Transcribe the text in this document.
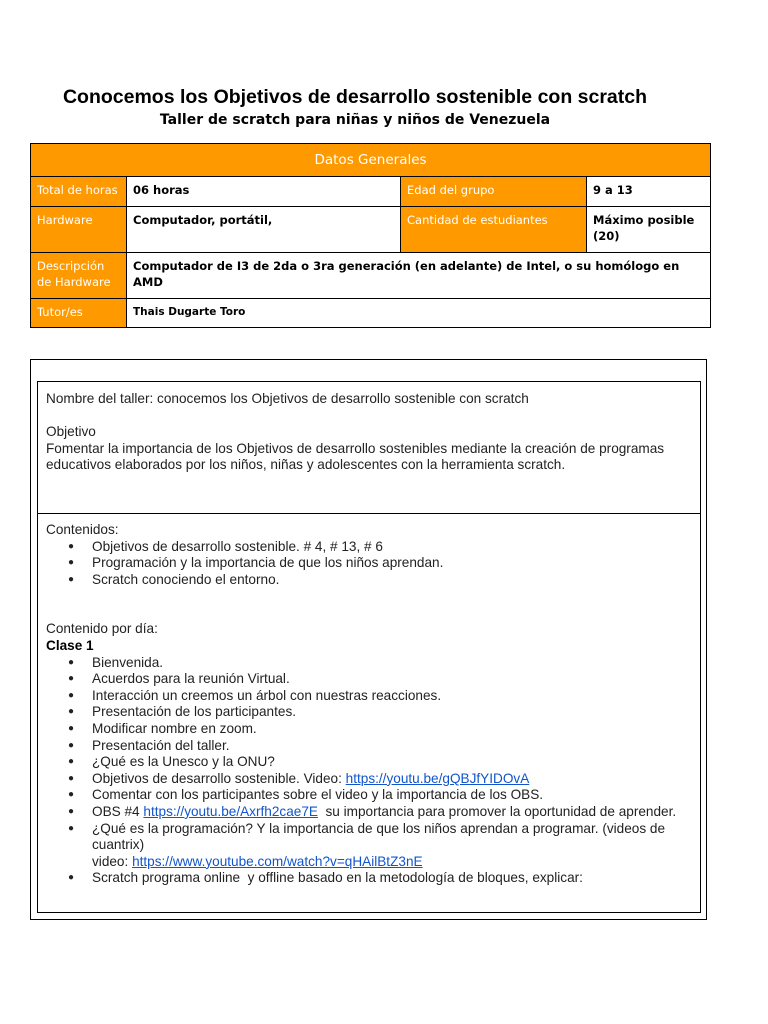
Conocemos los Objetivos de desarrollo sostenible con scratch
Taller de scratch para niñas y niños de Venezuela
Datos Generales			
Total de horas	06 horas	Edad del grupo	9 a 13
Hardware	Computador, portátil,	Cantidad de estudiantes	Máximo posible (20)
Descripción de Hardware	Computador de I3 de 2da o 3ra generación (en adelante) de Intel, o su homólogo en AMD		
Tutor/es	Thais Dugarte Toro		
Nombre del taller: conocemos los Objetivos de desarrollo sostenible con scratch
Objetivo
Fomentar la importancia de los Objetivos de desarrollo sostenibles mediante la creación de programas educativos elaborados por los niños, niñas y adolescentes con la herramienta scratch.
Contenidos:
● Objetivos de desarrollo sostenible. # 4, # 13, # 6
● Programación y la importancia de que los niños aprendan.
● Scratch conociendo el entorno.
Contenido por día:
Clase 1
● Bienvenida.
● Acuerdos para la reunión Virtual.
● Interacción un creemos un árbol con nuestras reacciones.
● Presentación de los participantes.
● Modificar nombre en zoom.
● Presentación del taller.
● ¿Qué es la Unesco y la ONU?
● Objetivos de desarrollo sostenible. Video: https://youtu.be/gQBJfYIDOvA
● Comentar con los participantes sobre el video y la importancia de los OBS.
● OBS #4 https://youtu.be/Axrfh2cae7E  su importancia para promover la oportunidad de aprender.
● ¿Qué es la programación? Y la importancia de que los niños aprendan a programar. (videos de cuantrix)
video: https://www.youtube.com/watch?v=qHAilBtZ3nE
● Scratch programa online  y offline basado en la metodología de bloques, explicar:
